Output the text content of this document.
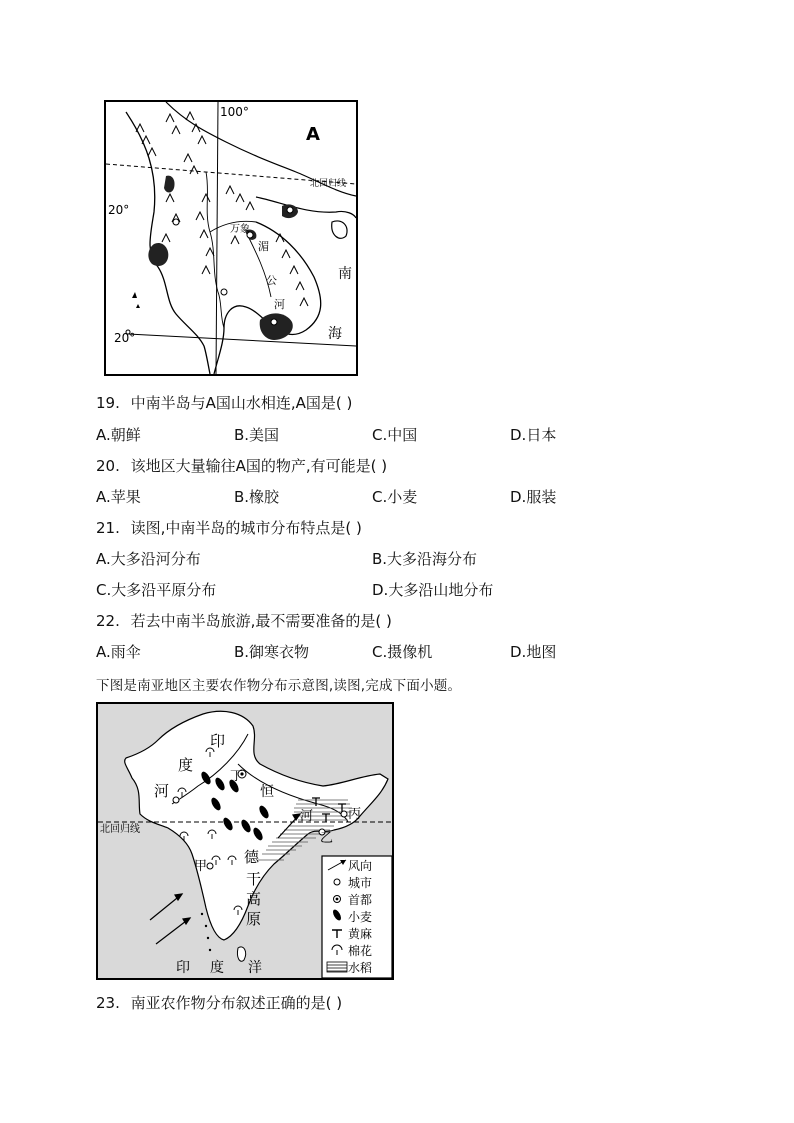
A
100°
20°
20°
北回归线
万象
湄
公
河
南
海
19. 中南半岛与A国山水相连,A国是( )
A.朝鲜	B.美国	C.中国	D.日本
20. 该地区大量输往A国的物产,有可能是( )
A.苹果	B.橡胶	C.小麦	D.服装
21. 读图,中南半岛的城市分布特点是( )
A.大多沿河分布	B.大多沿海分布
C.大多沿平原分布	D.大多沿山地分布
22. 若去中南半岛旅游,最不需要准备的是( )
A.雨伞	B.御寒衣物	C.摄像机	D.地图
下图是南亚地区主要农作物分布示意图,读图,完成下面小题。
印
度
河
丁
恒
河	丙
乙
甲
德
干
高
原
印 度 洋
北回归线
风向
城市
首都
小麦
黄麻
棉花
水稻
23. 南亚农作物分布叙述正确的是( )
